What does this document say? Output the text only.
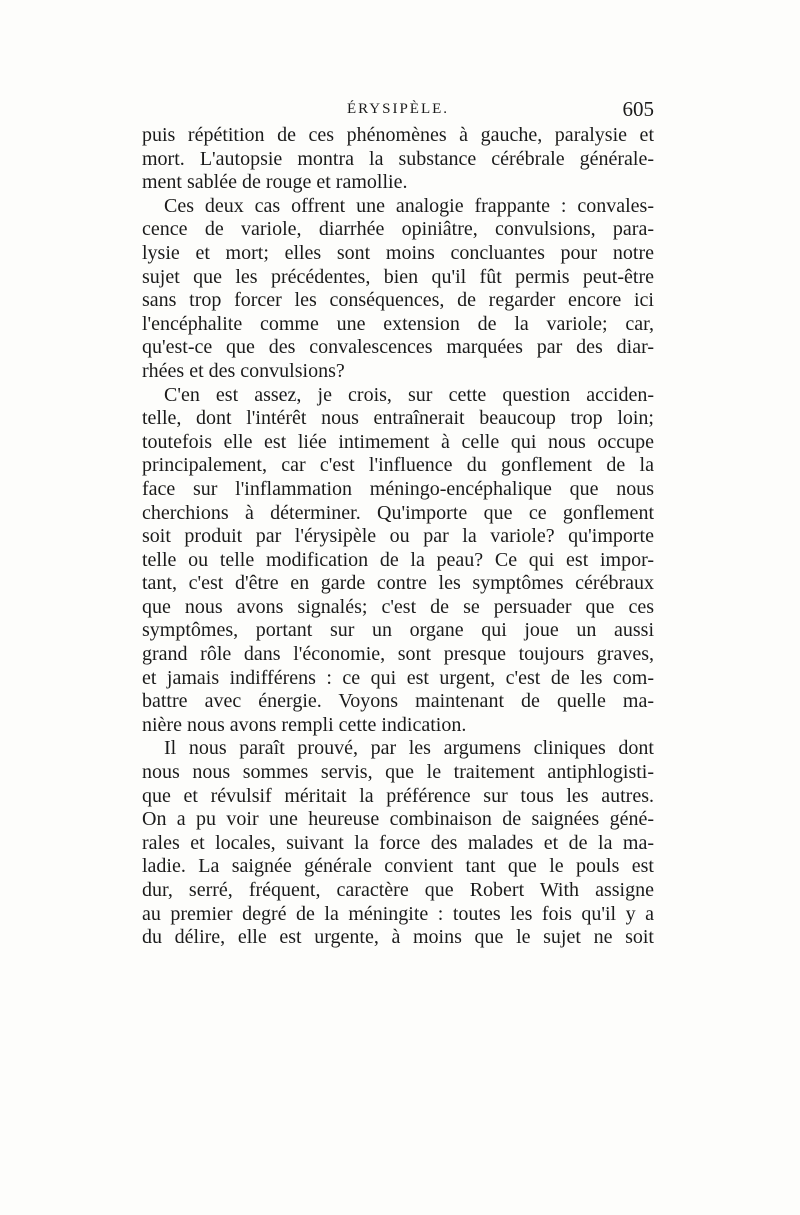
ÉRYSIPÈLE.	605
puis répétition de ces phénomènes à gauche, paralysie et
mort. L'autopsie montra la substance cérébrale générale-
ment sablée de rouge et ramollie.
Ces deux cas offrent une analogie frappante : convales-
cence de variole, diarrhée opiniâtre, convulsions, para-
lysie et mort; elles sont moins concluantes pour notre
sujet que les précédentes, bien qu'il fût permis peut-être
sans trop forcer les conséquences, de regarder encore ici
l'encéphalite comme une extension de la variole; car,
qu'est-ce que des convalescences marquées par des diar-
rhées et des convulsions?
C'en est assez, je crois, sur cette question acciden-
telle, dont l'intérêt nous entraînerait beaucoup trop loin;
toutefois elle est liée intimement à celle qui nous occupe
principalement, car c'est l'influence du gonflement de la
face sur l'inflammation méningo-encéphalique que nous
cherchions à déterminer. Qu'importe que ce gonflement
soit produit par l'érysipèle ou par la variole? qu'importe
telle ou telle modification de la peau? Ce qui est impor-
tant, c'est d'être en garde contre les symptômes cérébraux
que nous avons signalés; c'est de se persuader que ces
symptômes, portant sur un organe qui joue un aussi
grand rôle dans l'économie, sont presque toujours graves,
et jamais indifférens : ce qui est urgent, c'est de les com-
battre avec énergie. Voyons maintenant de quelle ma-
nière nous avons rempli cette indication.
Il nous paraît prouvé, par les argumens cliniques dont
nous nous sommes servis, que le traitement antiphlogisti-
que et révulsif méritait la préférence sur tous les autres.
On a pu voir une heureuse combinaison de saignées géné-
rales et locales, suivant la force des malades et de la ma-
ladie. La saignée générale convient tant que le pouls est
dur, serré, fréquent, caractère que Robert With assigne
au premier degré de la méningite : toutes les fois qu'il y a
du délire, elle est urgente, à moins que le sujet ne soit
